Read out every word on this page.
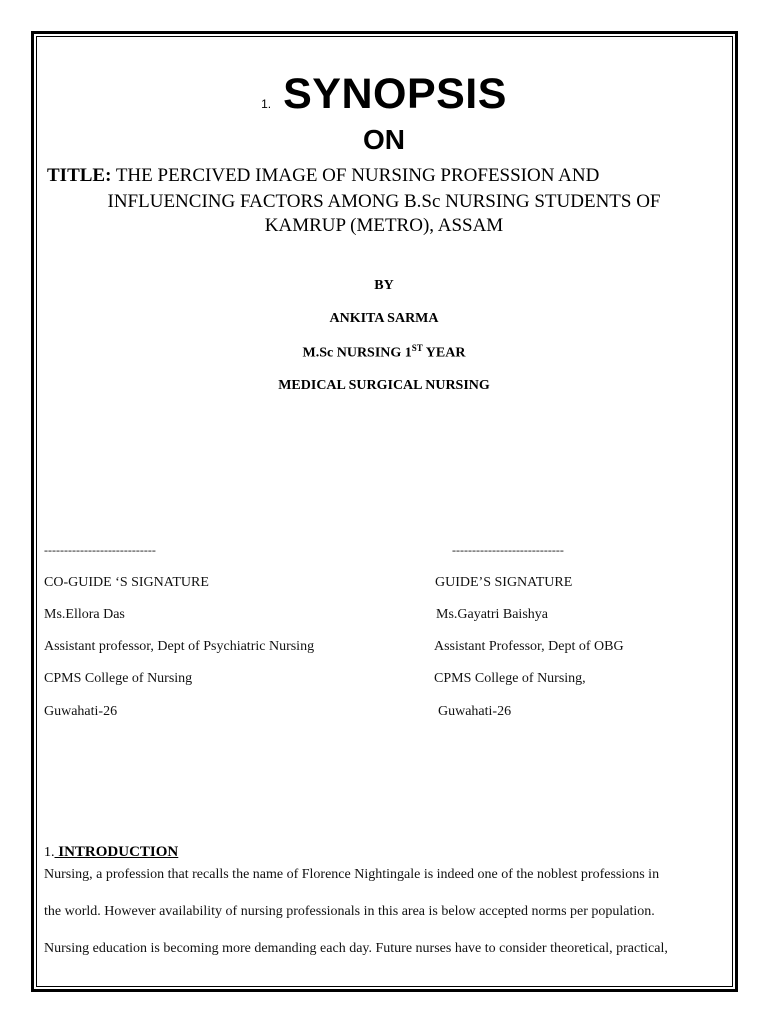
1. SYNOPSIS
ON
TITLE: THE PERCIVED IMAGE OF NURSING PROFESSION AND
INFLUENCING FACTORS AMONG B.Sc NURSING STUDENTS OF
KAMRUP (METRO), ASSAM
BY
ANKITA SARMA
M.Sc NURSING 1ST YEAR
MEDICAL SURGICAL NURSING
----------------------------
CO-GUIDE ‘S SIGNATURE
Ms.Ellora Das
Assistant professor, Dept of Psychiatric Nursing
CPMS College of Nursing
Guwahati-26
----------------------------
GUIDE’S SIGNATURE
Ms.Gayatri Baishya
Assistant Professor, Dept of OBG
CPMS College of Nursing,
Guwahati-26
1. INTRODUCTION
Nursing, a profession that recalls the name of Florence Nightingale is indeed one of the noblest professions in
the world. However availability of nursing professionals in this area is below accepted norms per population.
Nursing education is becoming more demanding each day. Future nurses have to consider theoretical, practical,
